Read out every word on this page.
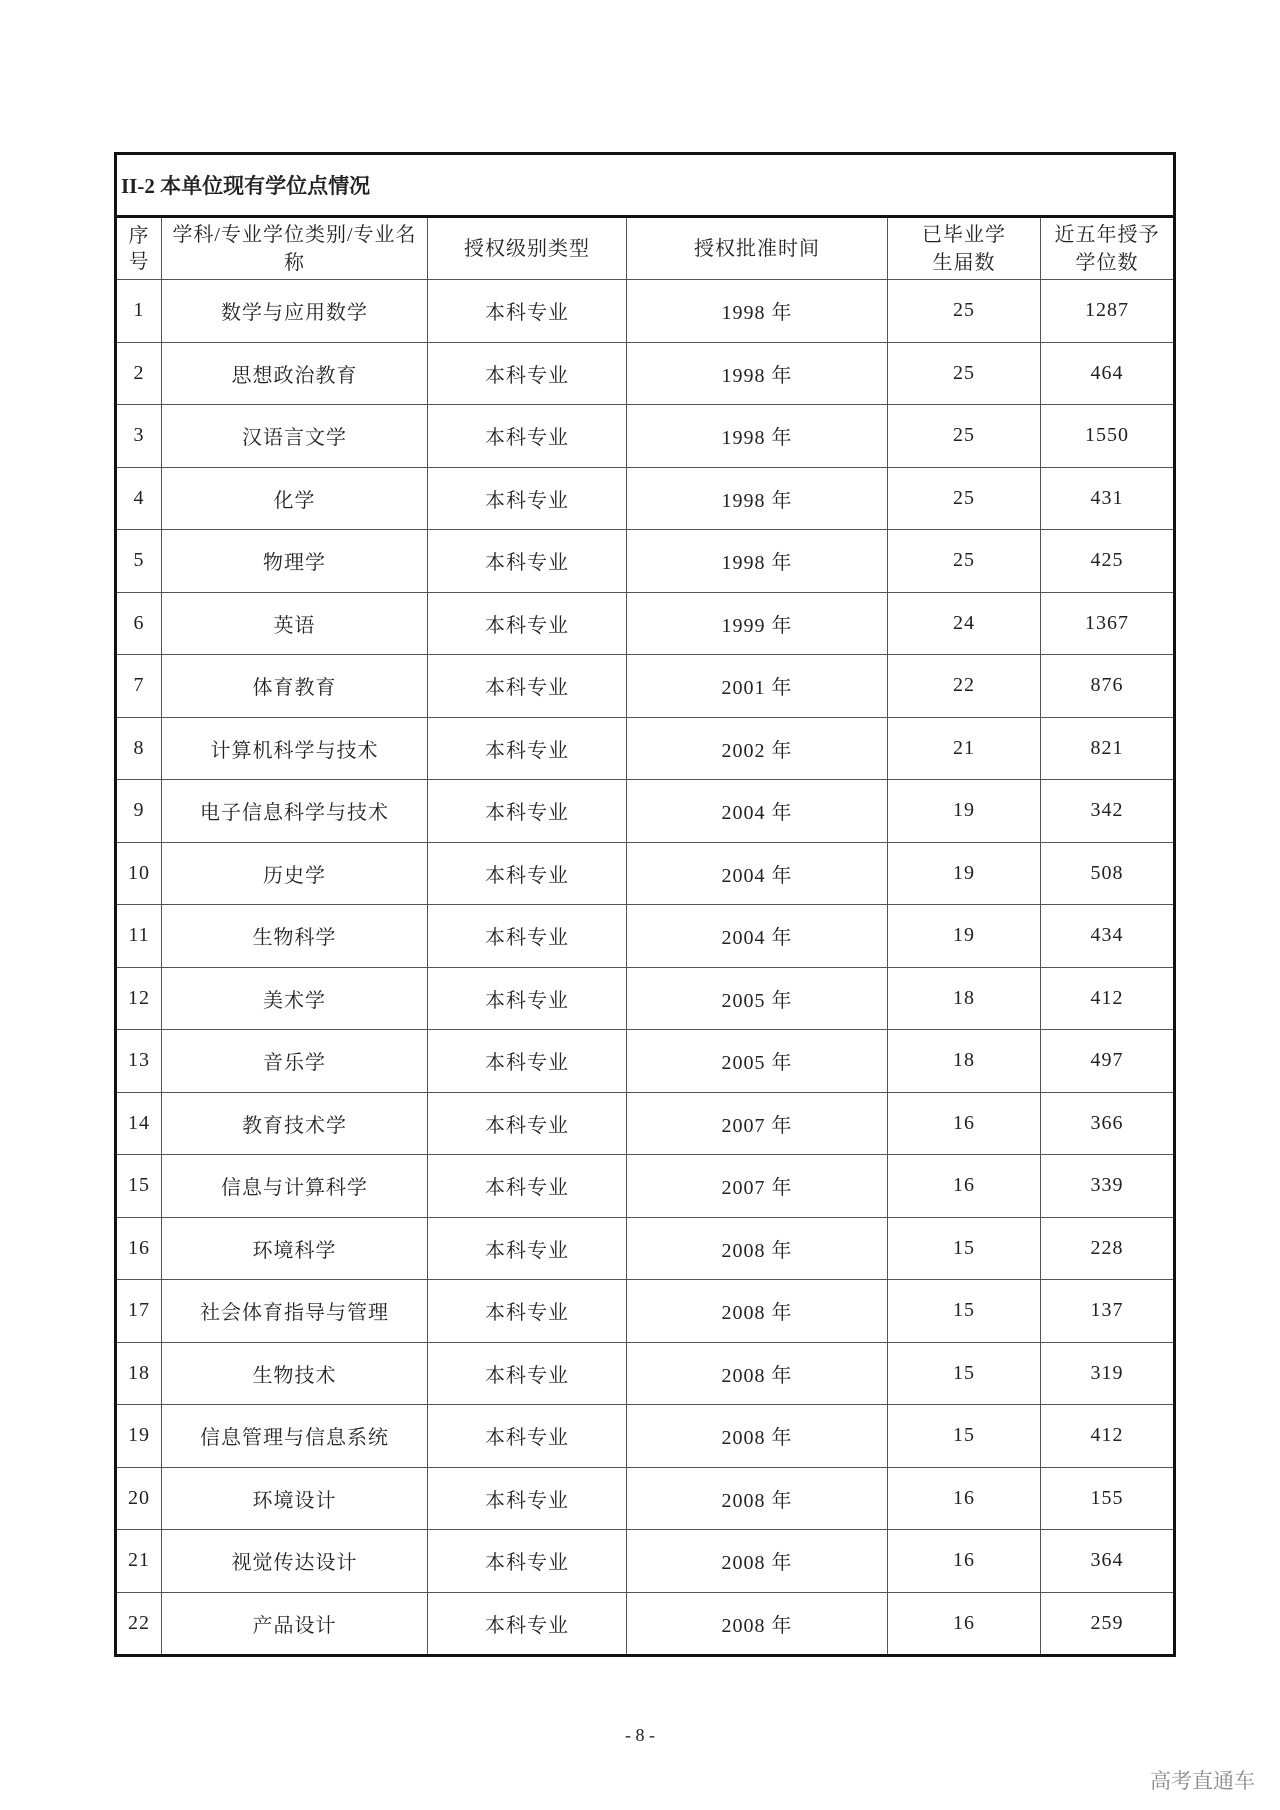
II-2 本单位现有学位点情况					
序号	学科/专业学位类别/专业名称	授权级别类型	授权批准时间	已毕业学生届数	近五年授予学位数
1	数学与应用数学	本科专业	1998 年	25	1287
2	思想政治教育	本科专业	1998 年	25	464
3	汉语言文学	本科专业	1998 年	25	1550
4	化学	本科专业	1998 年	25	431
5	物理学	本科专业	1998 年	25	425
6	英语	本科专业	1999 年	24	1367
7	体育教育	本科专业	2001 年	22	876
8	计算机科学与技术	本科专业	2002 年	21	821
9	电子信息科学与技术	本科专业	2004 年	19	342
10	历史学	本科专业	2004 年	19	508
11	生物科学	本科专业	2004 年	19	434
12	美术学	本科专业	2005 年	18	412
13	音乐学	本科专业	2005 年	18	497
14	教育技术学	本科专业	2007 年	16	366
15	信息与计算科学	本科专业	2007 年	16	339
16	环境科学	本科专业	2008 年	15	228
17	社会体育指导与管理	本科专业	2008 年	15	137
18	生物技术	本科专业	2008 年	15	319
19	信息管理与信息系统	本科专业	2008 年	15	412
20	环境设计	本科专业	2008 年	16	155
21	视觉传达设计	本科专业	2008 年	16	364
22	产品设计	本科专业	2008 年	16	259
- 8 -
高考直通车
